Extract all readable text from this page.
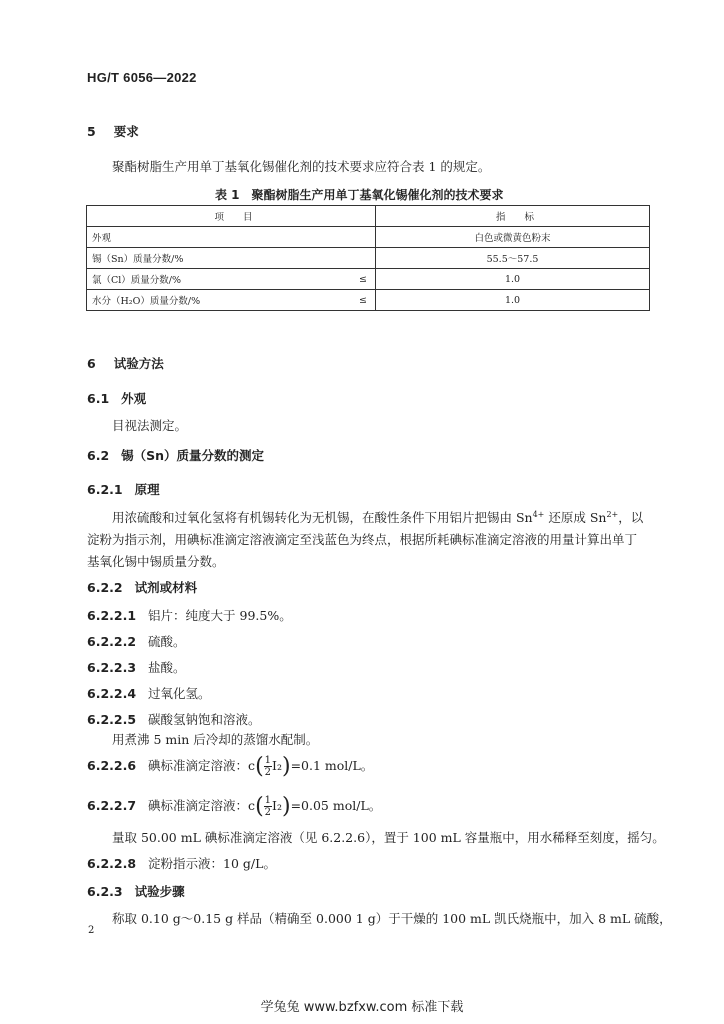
HG/T 6056—2022
5 要求
聚酯树脂生产用单丁基氧化锡催化剂的技术要求应符合表 1 的规定。
表 1　聚酯树脂生产用单丁基氧化锡催化剂的技术要求
项　　目		指　　标
外观		白色或微黄色粉末
锡（Sn）质量分数/%		55.5～57.5
氯（Cl）质量分数/%	≤	1.0
水分（H₂O）质量分数/%	≤	1.0
6 试验方法
6.1 外观
目视法测定。
6.2 锡（Sn）质量分数的测定
6.2.1 原理
用浓硫酸和过氧化氢将有机锡转化为无机锡，在酸性条件下用铝片把锡由 $Sn^{4+}$ 还原成 $Sn^{2+}$，以
淀粉为指示剂，用碘标准滴定溶液滴定至浅蓝色为终点，根据所耗碘标准滴定溶液的用量计算出单丁
基氧化锡中锡质量分数。
6.2.2 试剂或材料
6.2.2.1 铝片：纯度大于 99.5%。
6.2.2.2 硫酸。
6.2.2.3 盐酸。
6.2.2.4 过氧化氢。
6.2.2.5 碳酸氢钠饱和溶液。
用煮沸 5 min 后冷却的蒸馏水配制。
6.2.2.6 碘标准滴定溶液：$c( \frac{1}{2}I_2)=0.1$ mol/L。
6.2.2.7 碘标准滴定溶液：$c( \frac{1}{2}I_2)=0.05$ mol/L。
量取 50.00 mL 碘标准滴定溶液（见 6.2.2.6），置于 100 mL 容量瓶中，用水稀释至刻度，摇匀。
6.2.2.8 淀粉指示液：10 g/L。
6.2.3 试验步骤
称取 0.10 g～0.15 g 样品（精确至 0.000 1 g）于干燥的 100 mL 凯氏烧瓶中，加入 8 mL 硫酸，
2
学兔兔 www.bzfxw.com 标准下载
